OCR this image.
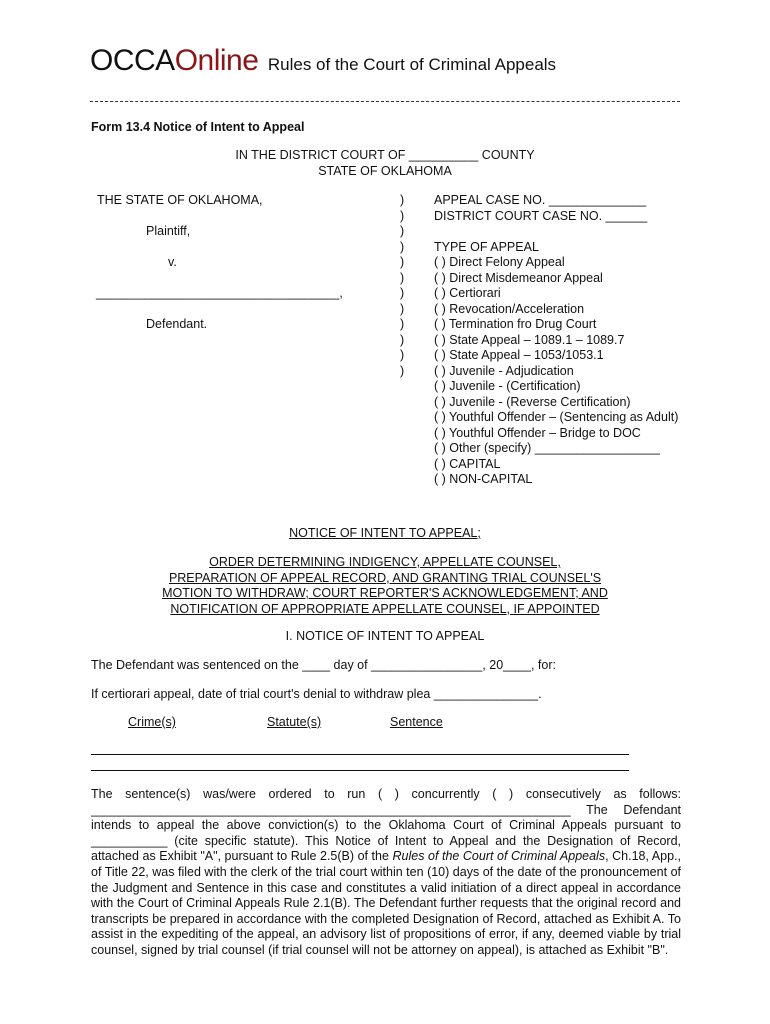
OCCAOnline Rules of the Court of Criminal Appeals
Form 13.4 Notice of Intent to Appeal
IN THE DISTRICT COURT OF __________ COUNTY
STATE OF OKLAHOMA
THE STATE OF OKLAHOMA,
Plaintiff,
v.
___________________________________,
Defendant.
)
)
)
)
)
)
)
)
)
)
)
)
APPEAL CASE NO. ______________
DISTRICT COURT CASE NO. ______
TYPE OF APPEAL
( ) Direct Felony Appeal
( ) Direct Misdemeanor Appeal
( ) Certiorari
( ) Revocation/Acceleration
( ) Termination fro Drug Court
( ) State Appeal – 1089.1 – 1089.7
( ) State Appeal – 1053/1053.1
( ) Juvenile - Adjudication
( ) Juvenile - (Certification)
( ) Juvenile - (Reverse Certification)
( ) Youthful Offender – (Sentencing as Adult)
( ) Youthful Offender – Bridge to DOC
( ) Other (specify) __________________
( ) CAPITAL
( ) NON-CAPITAL
NOTICE OF INTENT TO APPEAL;
ORDER DETERMINING INDIGENCY, APPELLATE COUNSEL,
PREPARATION OF APPEAL RECORD, AND GRANTING TRIAL COUNSEL'S
MOTION TO WITHDRAW; COURT REPORTER'S ACKNOWLEDGEMENT; AND
NOTIFICATION OF APPROPRIATE APPELLATE COUNSEL, IF APPOINTED
I. NOTICE OF INTENT TO APPEAL
The Defendant was sentenced on the ____ day of ________________, 20____, for:
If certiorari appeal, date of trial court's denial to withdraw plea _______________.
Crime(s)	Statute(s)	Sentence
The sentence(s) was/were ordered to run ( ) concurrently ( ) consecutively as follows: _____________________________________________________________________ The Defendant intends to appeal the above conviction(s) to the Oklahoma Court of Criminal Appeals pursuant to ___________ (cite specific statute). This Notice of Intent to Appeal and the Designation of Record, attached as Exhibit "A", pursuant to Rule 2.5(B) of the Rules of the Court of Criminal Appeals, Ch.18, App., of Title 22, was filed with the clerk of the trial court within ten (10) days of the date of the pronouncement of the Judgment and Sentence in this case and constitutes a valid initiation of a direct appeal in accordance with the Court of Criminal Appeals Rule 2.1(B). The Defendant further requests that the original record and transcripts be prepared in accordance with the completed Designation of Record, attached as Exhibit A. To assist in the expediting of the appeal, an advisory list of propositions of error, if any, deemed viable by trial counsel, signed by trial counsel (if trial counsel will not be attorney on appeal), is attached as Exhibit "B".
